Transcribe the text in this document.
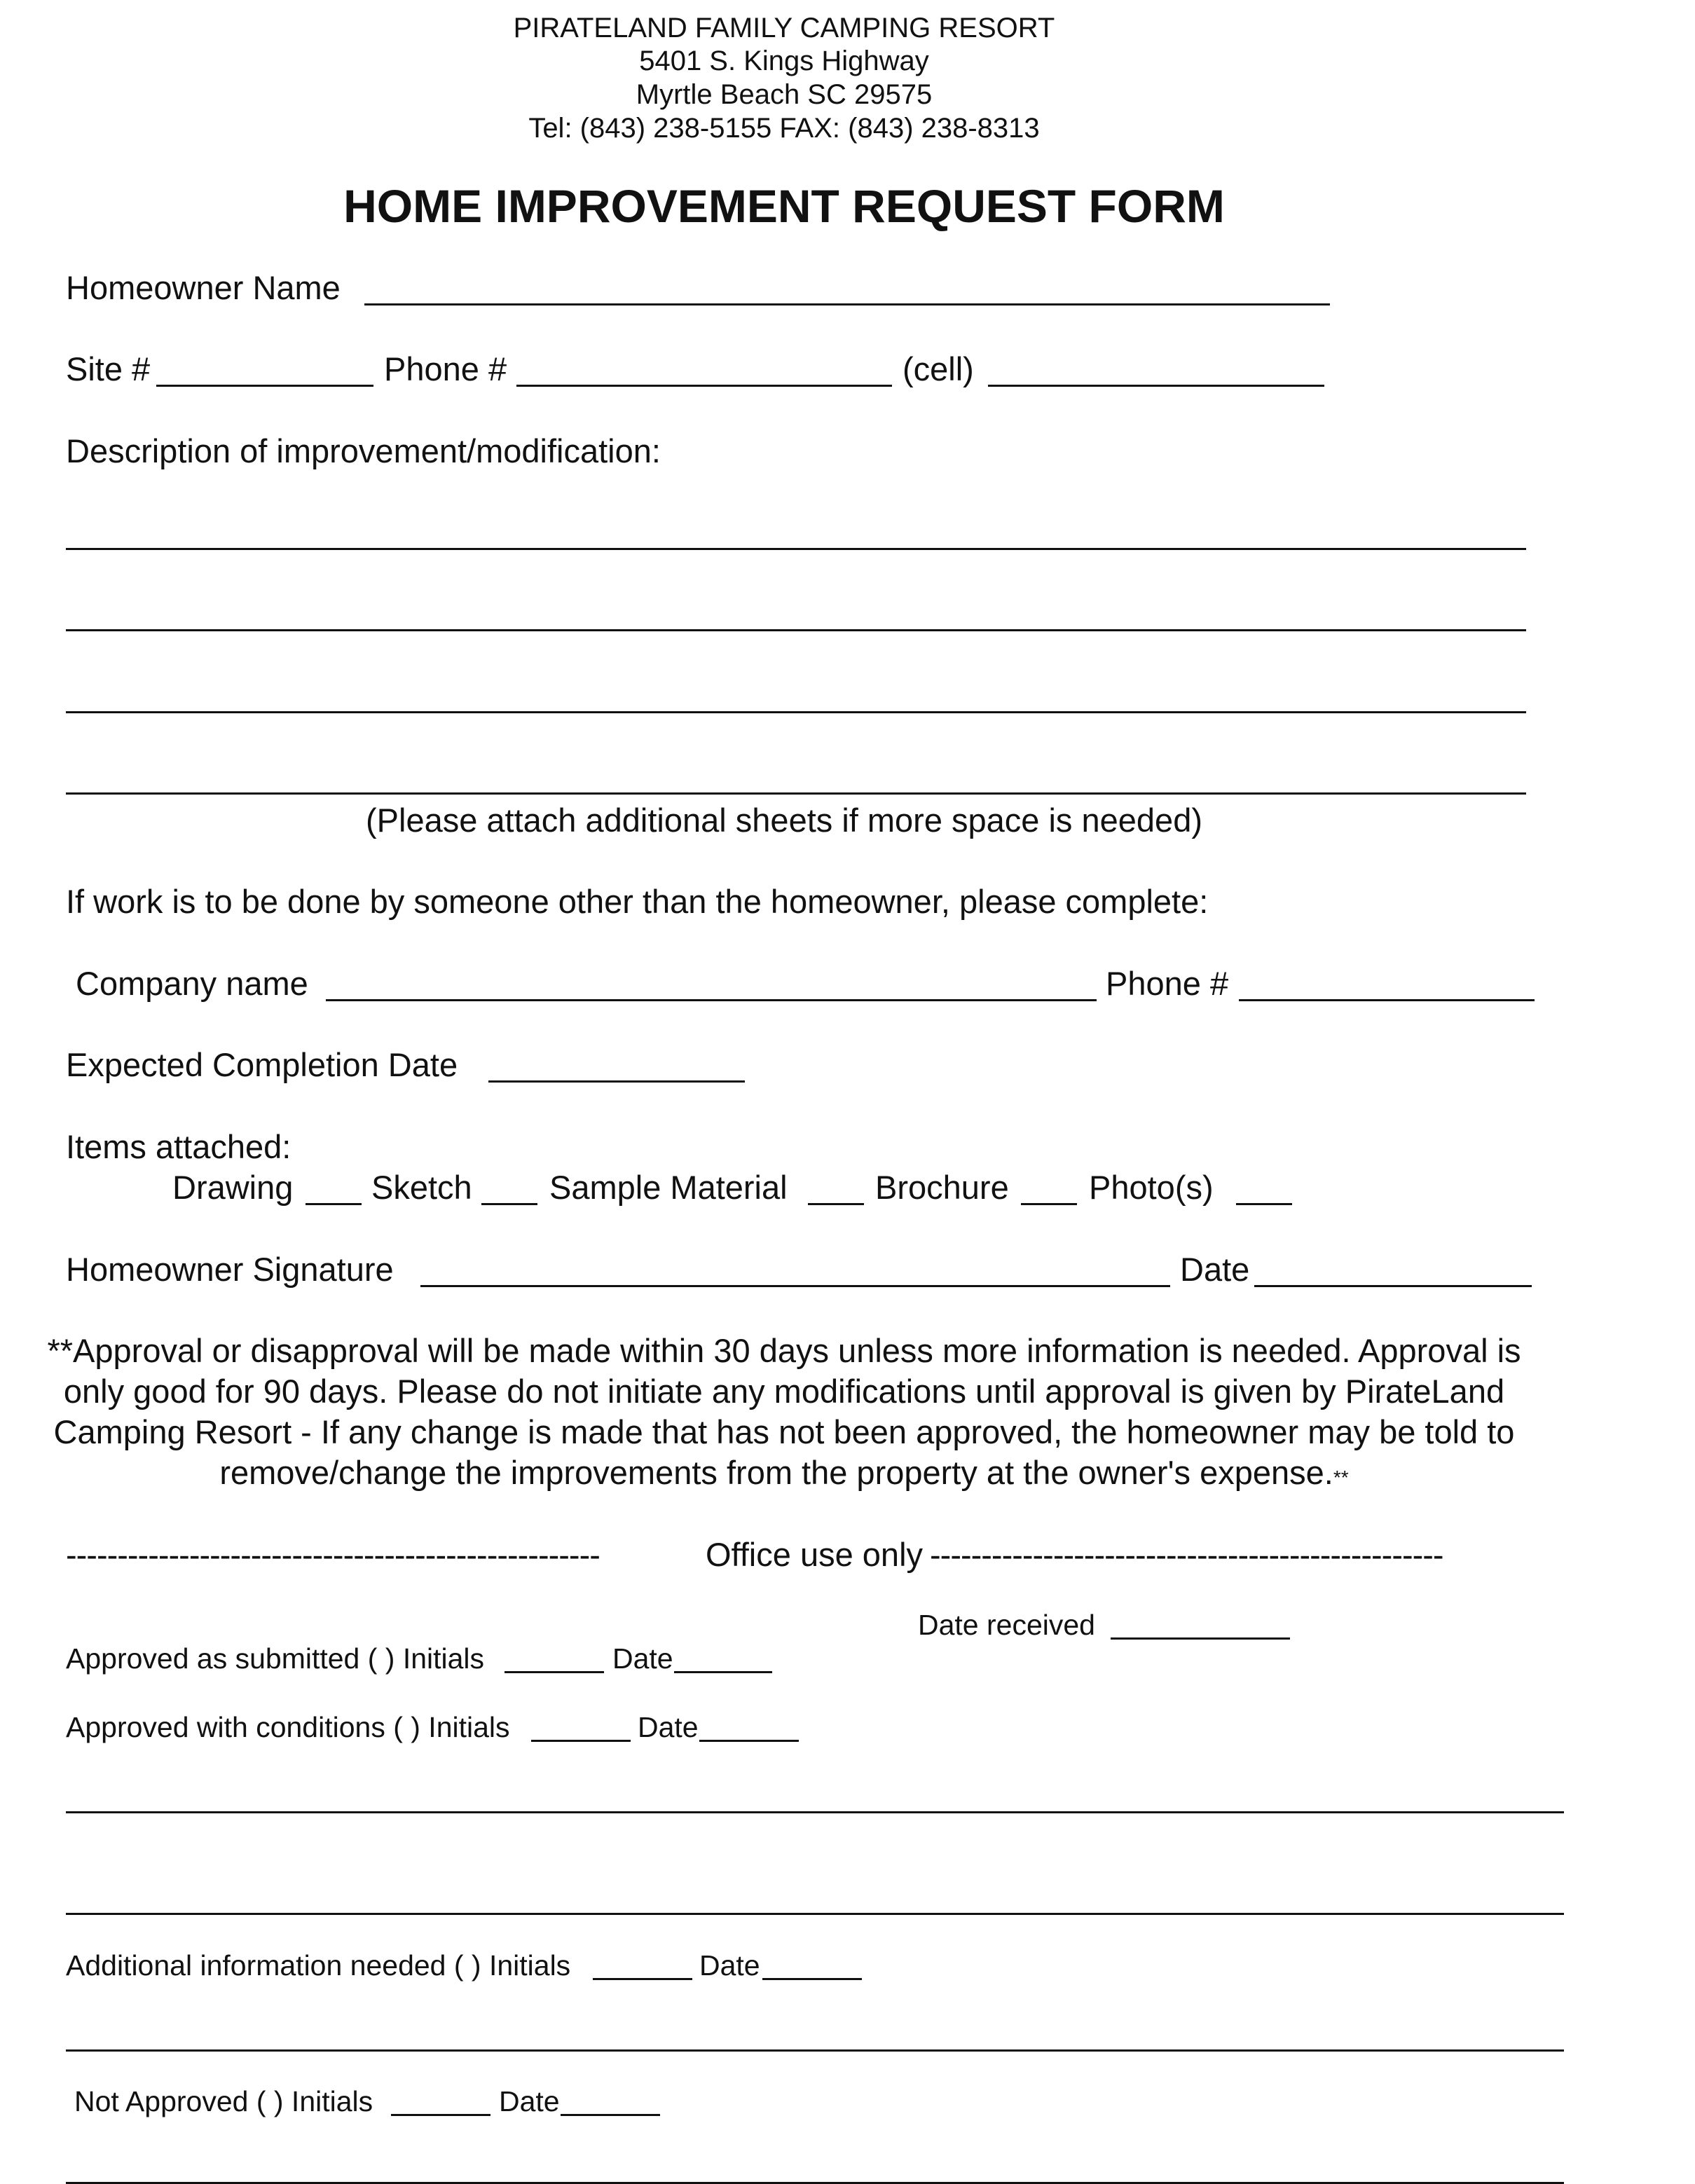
PIRATELAND FAMILY CAMPING RESORT
5401 S. Kings Highway
Myrtle Beach SC 29575
Tel: (843) 238-5155 FAX: (843) 238-8313
HOME IMPROVEMENT REQUEST FORM
Homeowner Name
Site #	Phone #	(cell)
Description of improvement/modification:
(Please attach additional sheets if more space is needed)
If work is to be done by someone other than the homeowner, please complete:
Company name	Phone #
Expected Completion Date
Items attached:
Drawing Sketch Sample Material	Brochure Photo(s)
Homeowner Signature	Date
**Approval or disapproval will be made within 30 days unless more information is needed. Approval is
only good for 90 days. Please do not initiate any modifications until approval is given by PirateLand
Camping Resort - If any change is made that has not been approved, the homeowner may be told to
remove/change the improvements from the property at the owner's expense.**
----------------------------------------------------	Office use only --------------------------------------------------
Date received
Approved as submitted ( ) Initials	Date
Approved with conditions ( ) Initials	Date
Additional information needed ( ) Initials	Date
Not Approved ( ) Initials	Date
